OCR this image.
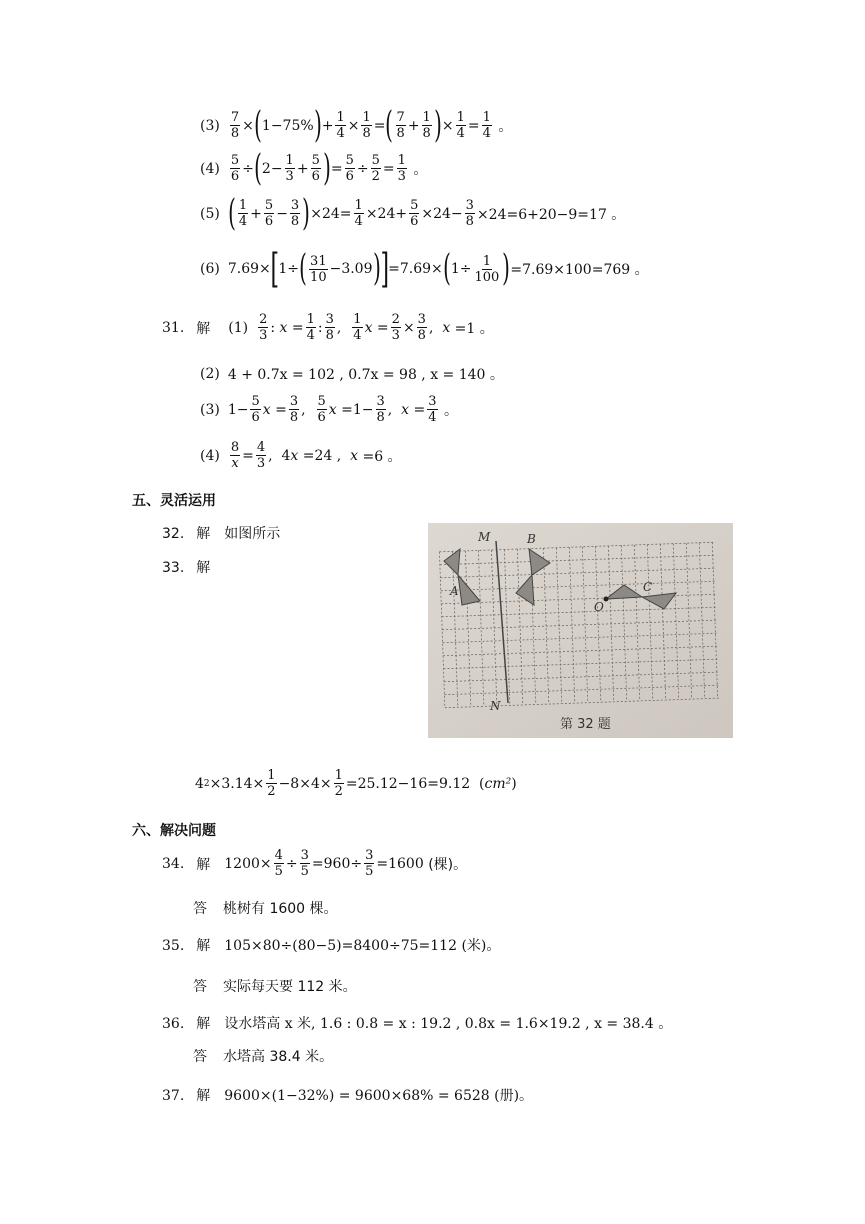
(3) 7
8 × ( 1−75% ) + 1
4 × 1
8 = ( 7
8 + 1
8 ) × 1
4 = 1
4 。
(4) 5
6 ÷ ( 2− 1
3 + 5
6 ) = 5
6 ÷ 5
2 = 1
3 。
(5) ( 1
4 + 5
6 − 3
8 ) ×24= 1
4 ×24+ 5
6 ×24− 3
8 ×24=6+20−9=17 。
(6) 7.69× [ 1÷ ( 31
10 −3.09 ) ] =7.69× ( 1÷ 1
100 ) =7.69×100=769 。
31. 解 (1) 2
3 : x = 1
4 : 3
8 , 1
4 x = 2
3 × 3
8 , x =1 。
(2) 4 + 0.7x = 102 , 0.7x = 98 , x = 140 。
(3) 1− 5
6 x = 3
8 , 5
6 x =1− 3
8 , x = 3
4 。
(4) 8
x = 4
3 ,  4 x =24 , x =6 。
五、灵活运用
32. 解 如图所示
33. 解
M
N
A
B
O
C
第 32 题
4 2 ×3.14× 1
2 −8×4× 1
2 =25.12−16=9.12  ( cm² )
六、解决问题
34. 解 1200× 4
5 ÷ 3
5 =960÷ 3
5 =1600 (棵)。
答 桃树有 1600 棵。
35. 解 105×80÷(80−5)=8400÷75=112 (米)。
答 实际每天要 112 米。
36. 解 设水塔高 x 米, 1.6 : 0.8 = x : 19.2 , 0.8x = 1.6×19.2 , x = 38.4 。
答 水塔高 38.4 米。
37. 解 9600×(1−32%) = 9600×68% = 6528 (册)。
